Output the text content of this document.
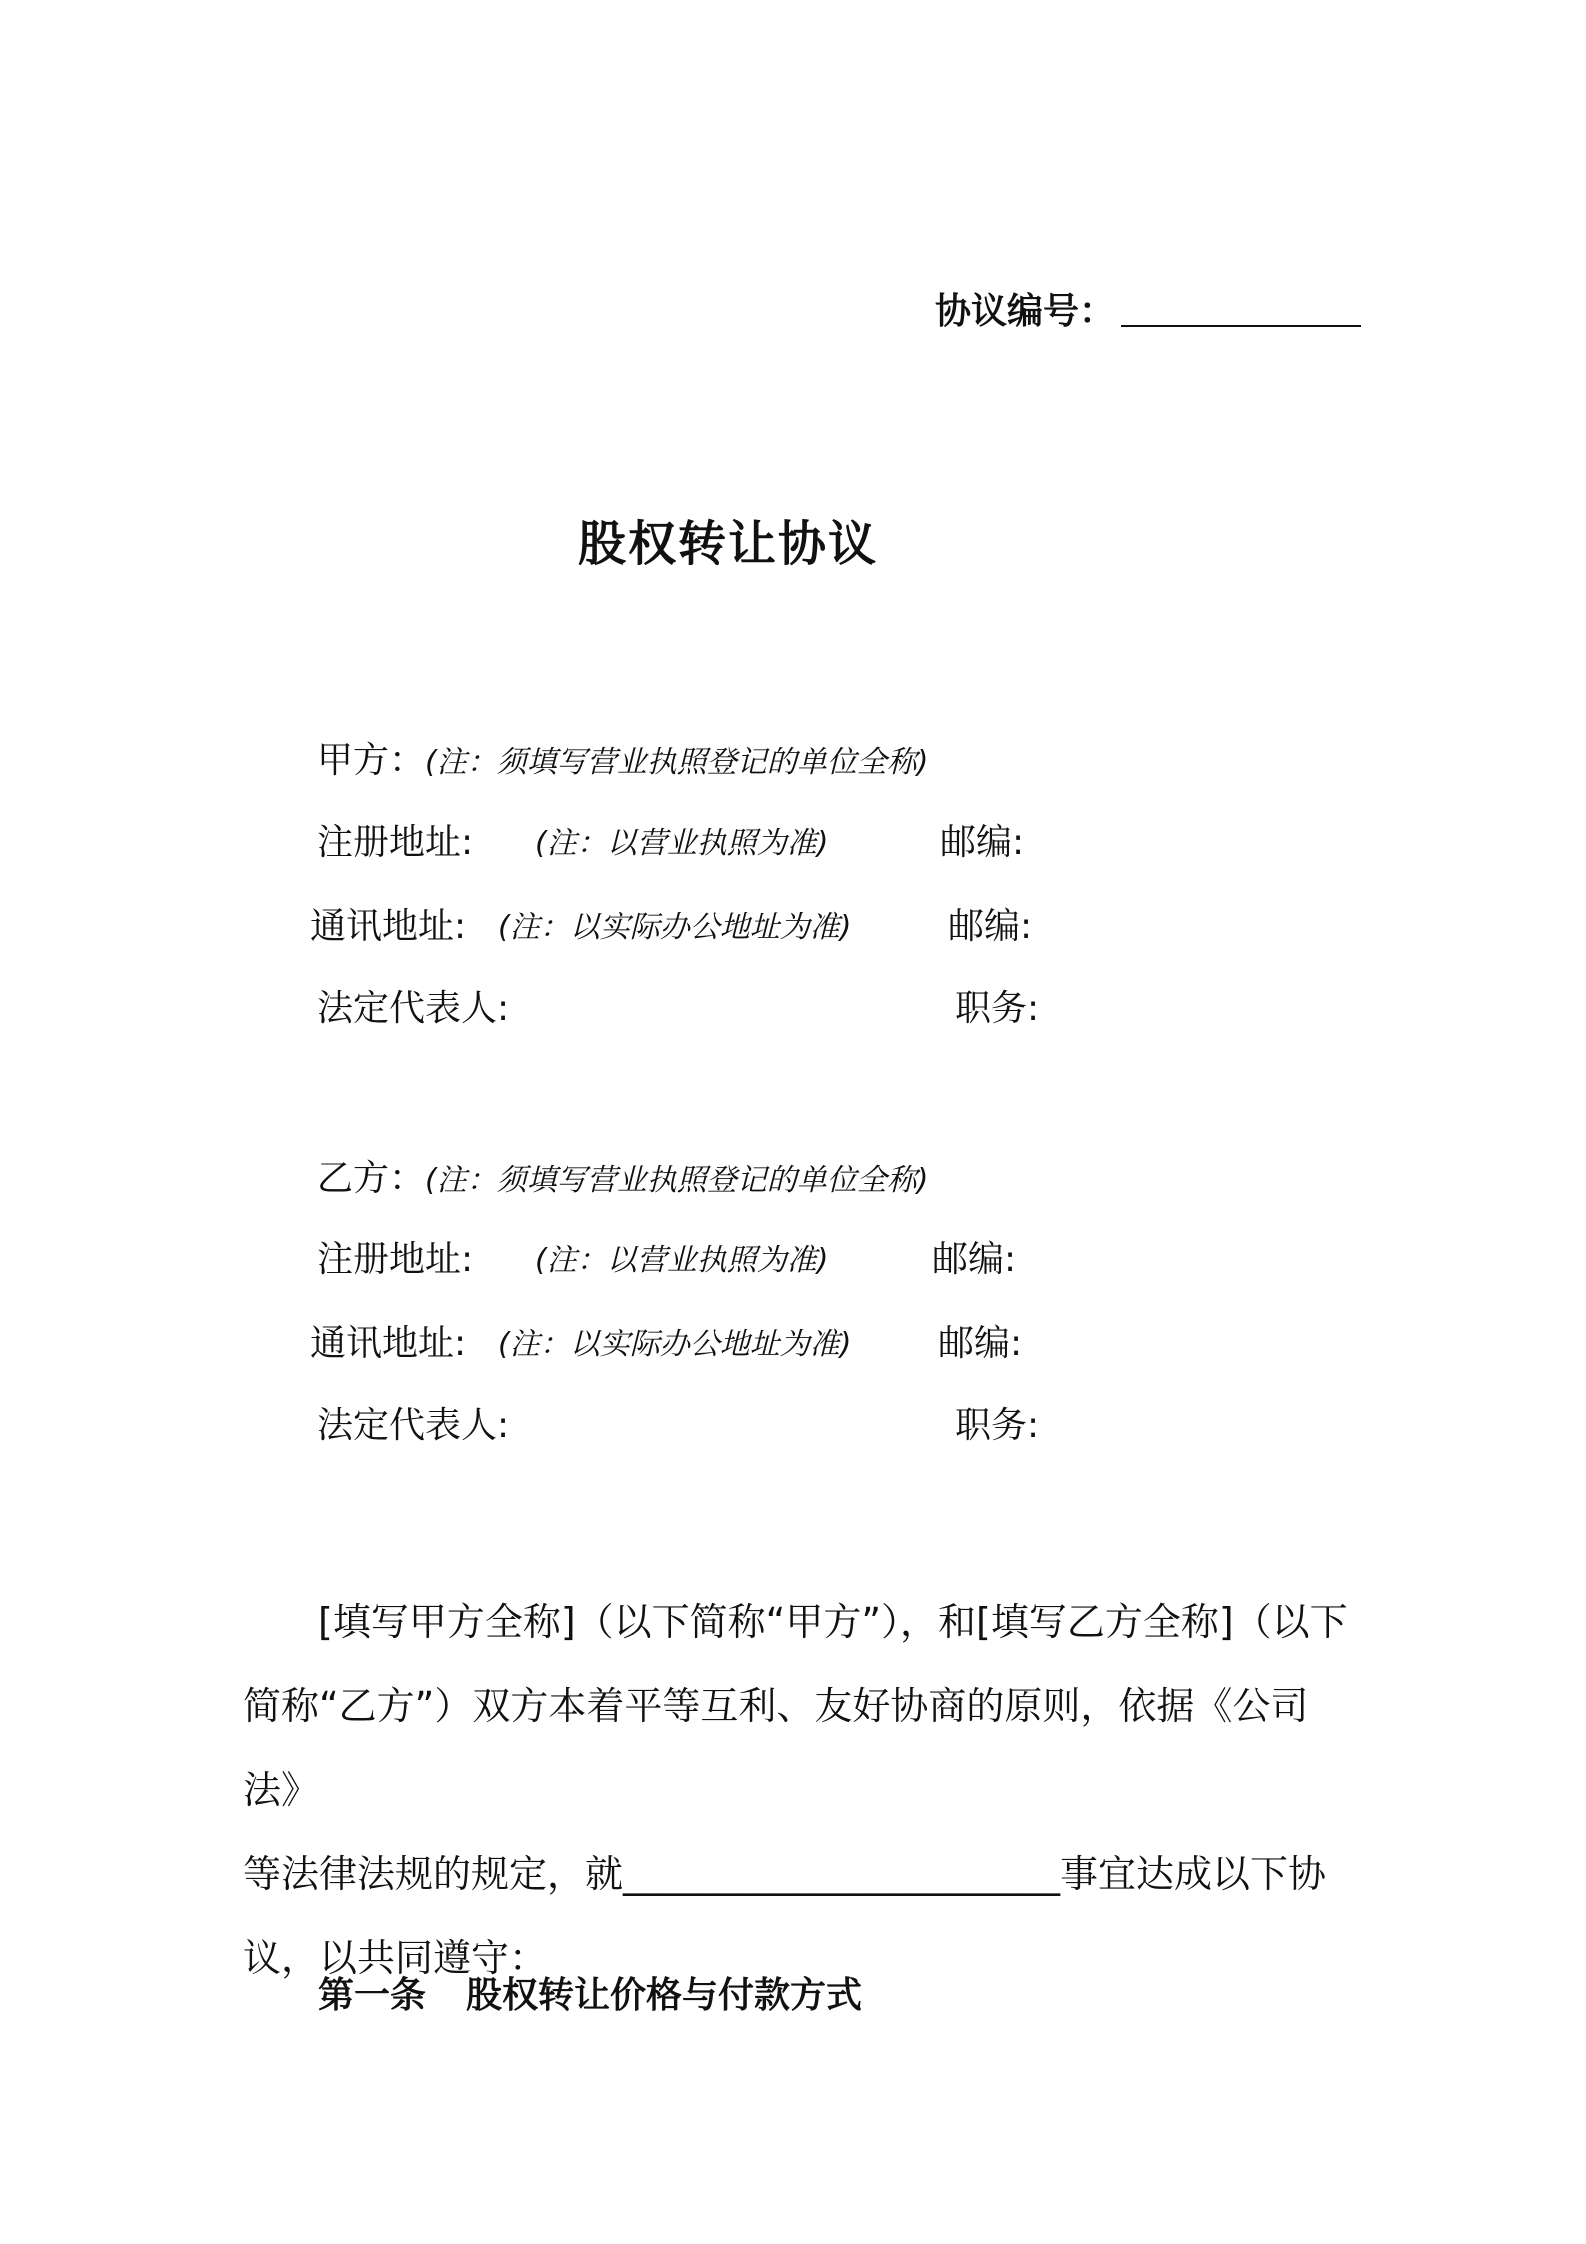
协议编号：
股权转让协议
甲方：(注：须填写营业执照登记的单位全称)
注册地址: (注：以营业执照为准)	邮编:
通讯地址: (注：以实际办公地址为准)	邮编:
法定代表人:	职务:
乙方：(注：须填写营业执照登记的单位全称)
注册地址: (注：以营业执照为准)	邮编:
通讯地址: (注：以实际办公地址为准) 邮编:
法定代表人:	职务:

[填写甲方全称]（以下简称“甲方”），和[填写乙方全称]（以下

简称“乙方”）双方本着平等互利、友好协商的原则，依据《公司法》

等法律法规的规定，就_______________________事宜达成以下协

议，以共同遵守：

第一条 股权转让价格与付款方式
